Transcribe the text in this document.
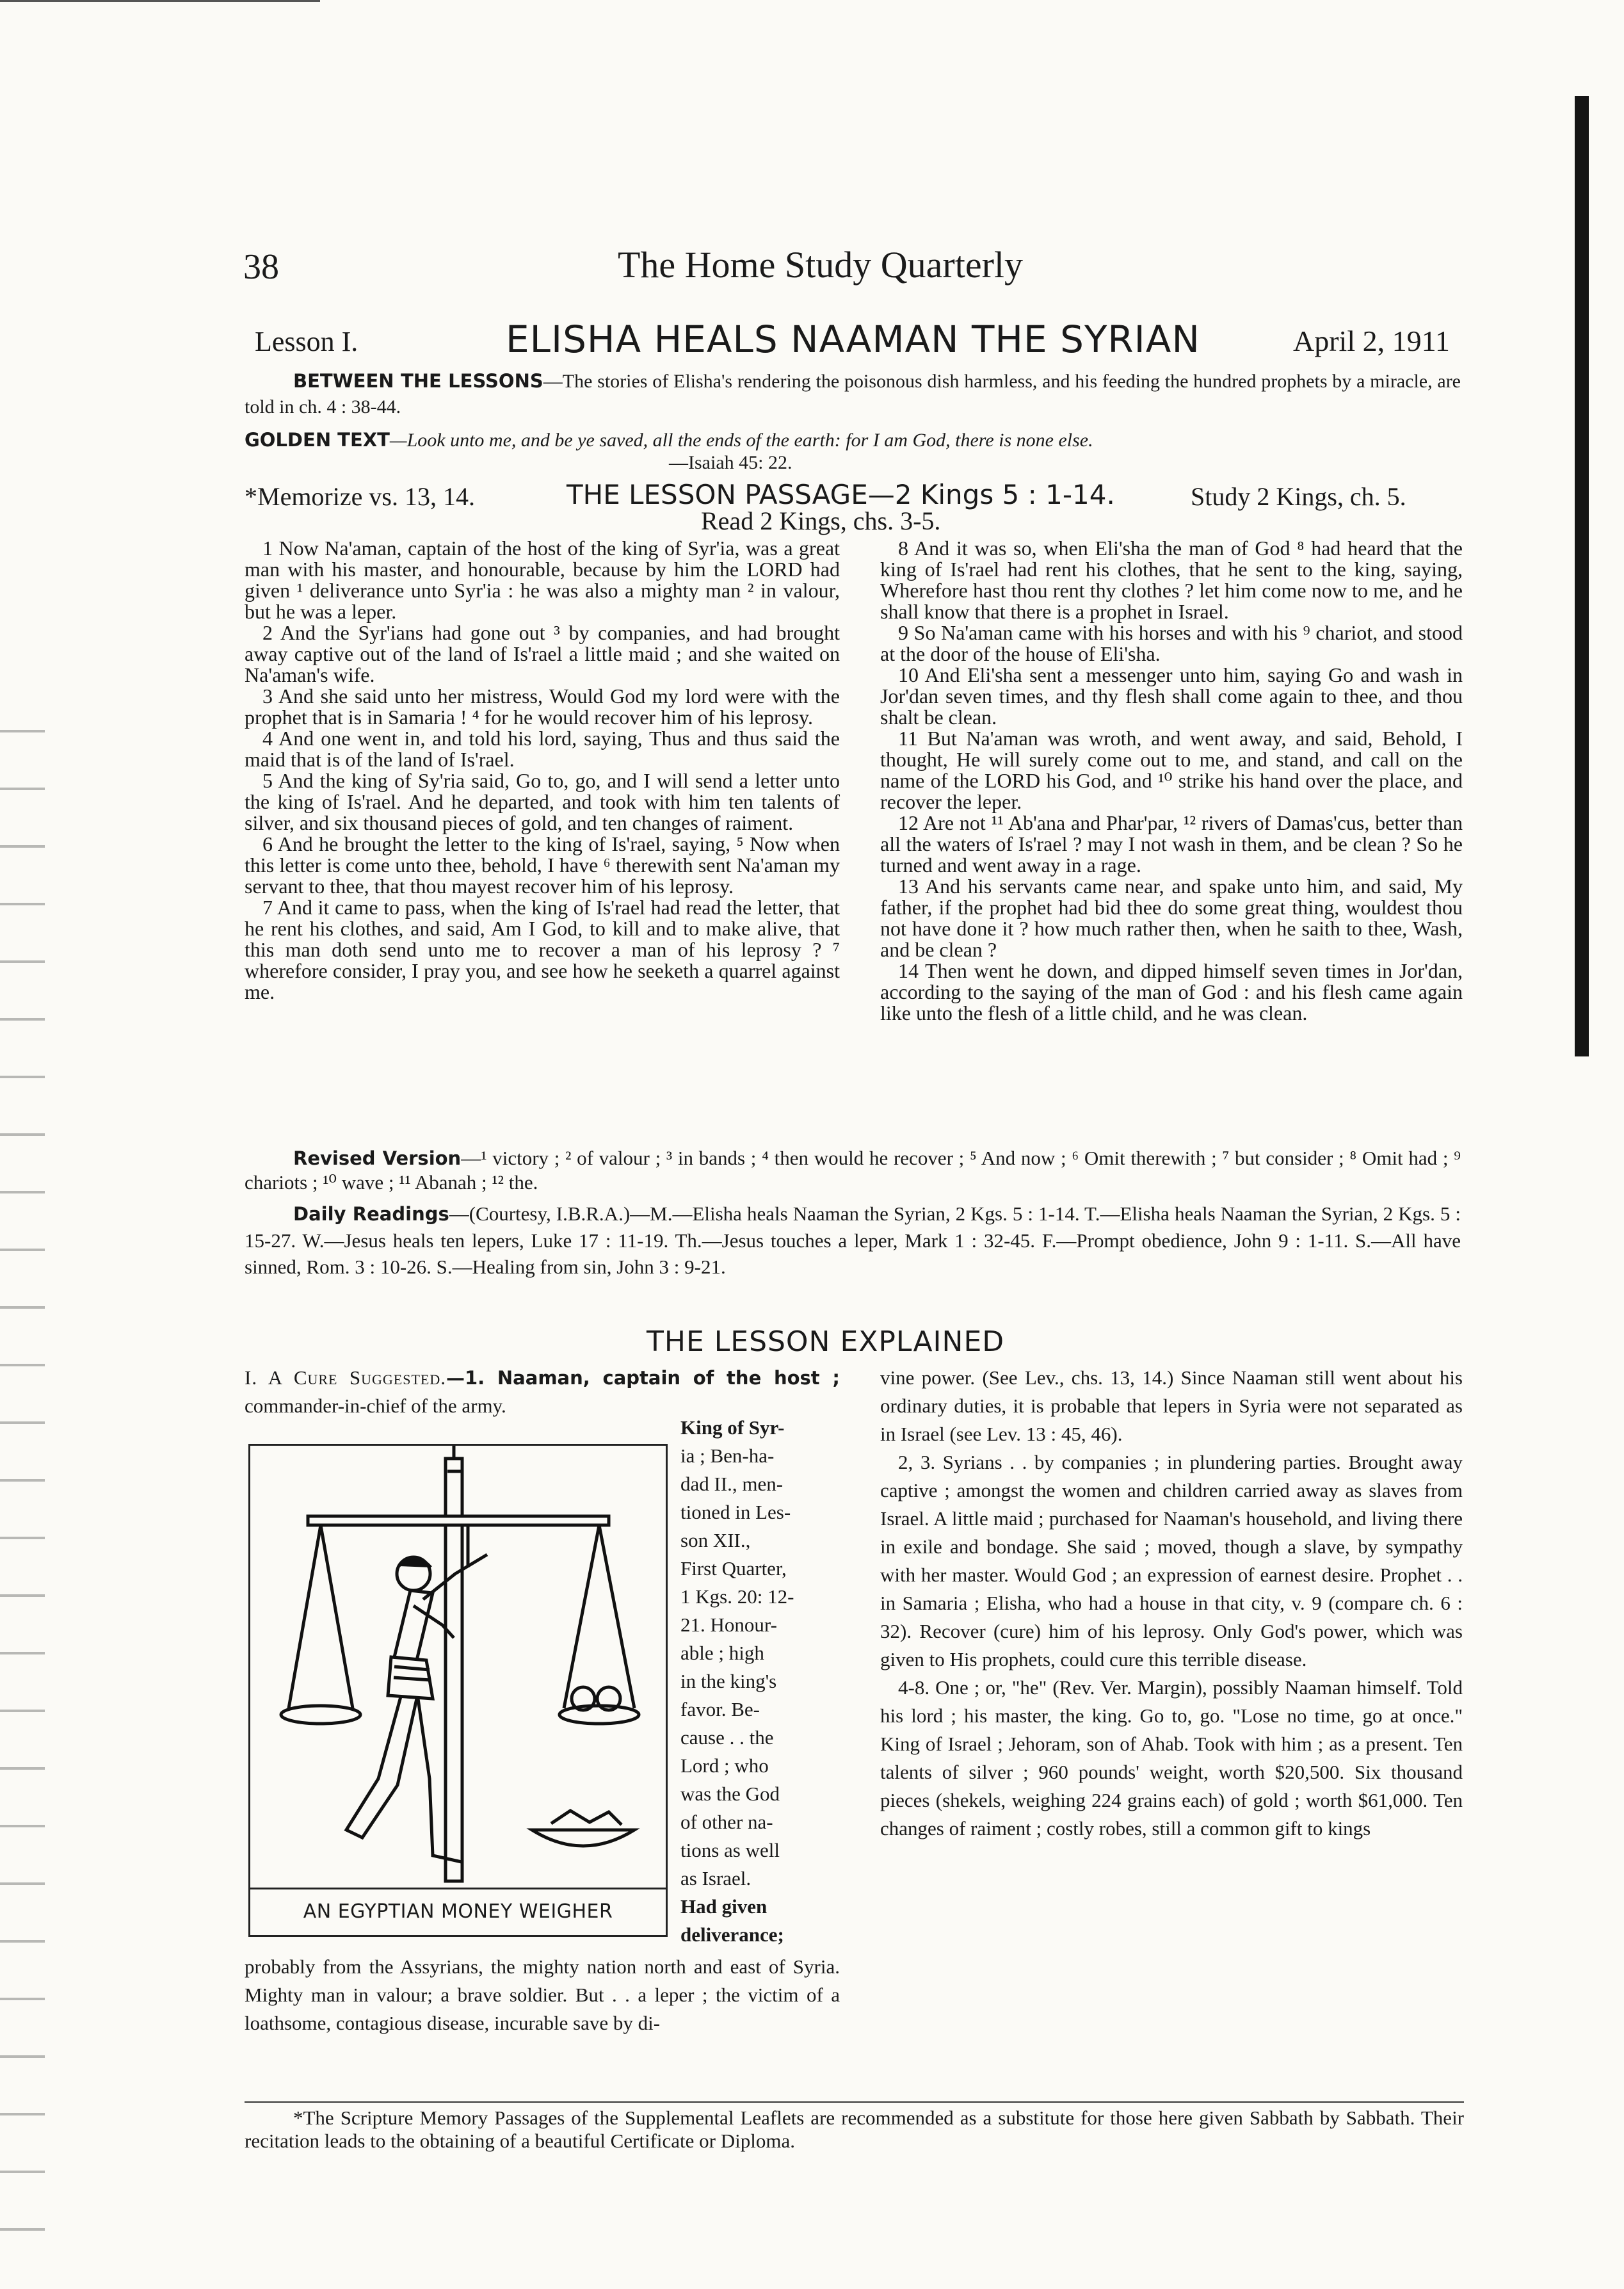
38	The Home Study Quarterly
Lesson I.	ELISHA HEALS NAAMAN THE SYRIAN	April 2, 1911
BETWEEN THE LESSONS—The stories of Elisha's rendering the poisonous dish harmless, and his feeding the hundred prophets by a miracle, are told in ch. 4 : 38-44.
GOLDEN TEXT—Look unto me, and be ye saved, all the ends of the earth: for I am God, there is none else.
—Isaiah 45: 22.
*Memorize vs. 13, 14.	THE LESSON PASSAGE—2 Kings 5 : 1-14.	Study 2 Kings, ch. 5.
Read 2 Kings, chs. 3-5.

1 Now Na'aman, captain of the host of the king of Syr'ia, was a great man with his master, and honourable, because by him the LORD had given ¹ deliverance unto Syr'ia : he was also a mighty man ² in valour, but he was a leper.

2 And the Syr'ians had gone out ³ by companies, and had brought away captive out of the land of Is'rael a little maid ; and she waited on Na'aman's wife.

3 And she said unto her mistress, Would God my lord were with the prophet that is in Samaria ! ⁴ for he would recover him of his leprosy.

4 And one went in, and told his lord, saying, Thus and thus said the maid that is of the land of Is'rael.

5 And the king of Sy'ria said, Go to, go, and I will send a letter unto the king of Is'rael. And he departed, and took with him ten talents of silver, and six thousand pieces of gold, and ten changes of raiment.

6 And he brought the letter to the king of Is'rael, saying, ⁵ Now when this letter is come unto thee, behold, I have ⁶ therewith sent Na'aman my servant to thee, that thou mayest recover him of his leprosy.

7 And it came to pass, when the king of Is'rael had read the letter, that he rent his clothes, and said, Am I God, to kill and to make alive, that this man doth send unto me to recover a man of his leprosy ? ⁷ wherefore consider, I pray you, and see how he seeketh a quarrel against me.

8 And it was so, when Eli'sha the man of God ⁸ had heard that the king of Is'rael had rent his clothes, that he sent to the king, saying, Wherefore hast thou rent thy clothes ? let him come now to me, and he shall know that there is a prophet in Israel.

9 So Na'aman came with his horses and with his ⁹ chariot, and stood at the door of the house of Eli'sha.

10 And Eli'sha sent a messenger unto him, saying Go and wash in Jor'dan seven times, and thy flesh shall come again to thee, and thou shalt be clean.

11 But Na'aman was wroth, and went away, and said, Behold, I thought, He will surely come out to me, and stand, and call on the name of the LORD his God, and ¹⁰ strike his hand over the place, and recover the leper.

12 Are not ¹¹ Ab'ana and Phar'par, ¹² rivers of Damas'cus, better than all the waters of Is'rael ? may I not wash in them, and be clean ? So he turned and went away in a rage.

13 And his servants came near, and spake unto him, and said, My father, if the prophet had bid thee do some great thing, wouldest thou not have done it ? how much rather then, when he saith to thee, Wash, and be clean ?

14 Then went he down, and dipped himself seven times in Jor'dan, according to the saying of the man of God : and his flesh came again like unto the flesh of a little child, and he was clean.

Revised Version—¹ victory ; ² of valour ; ³ in bands ; ⁴ then would he recover ; ⁵ And now ; ⁶ Omit therewith ; ⁷ but consider ; ⁸ Omit had ; ⁹ chariots ; ¹⁰ wave ; ¹¹ Abanah ; ¹² the.
Daily Readings—(Courtesy, I.B.R.A.)—M.—Elisha heals Naaman the Syrian, 2 Kgs. 5 : 1-14. T.—Elisha heals Naaman the Syrian, 2 Kgs. 5 : 15-27. W.—Jesus heals ten lepers, Luke 17 : 11-19. Th.—Jesus touches a leper, Mark 1 : 32-45. F.—Prompt obedience, John 9 : 1-11. S.—All have sinned, Rom. 3 : 10-26. S.—Healing from sin, John 3 : 9-21.
THE LESSON EXPLAINED

I. A Cure Suggested.—1. Naaman, captain of the host ; commander-in-chief of the army.

AN EGYPTIAN MONEY WEIGHER
King of Syr-
ia ; Ben-ha-
dad II., men-
tioned in Les-
son XII.,
First Quarter,
1 Kgs. 20: 12-
21. Honour-
able ; high
in the king's
favor. Be-
cause . . the
Lord ; who
was the God
of other na-
tions as well
as Israel.
Had given
deliverance;

probably from the Assyrians, the mighty nation north and east of Syria. Mighty man in valour; a brave soldier. But . . a leper ; the victim of a loathsome, contagious disease, incurable save by di-

vine power. (See Lev., chs. 13, 14.) Since Naaman still went about his ordinary duties, it is probable that lepers in Syria were not separated as in Israel (see Lev. 13 : 45, 46).

2, 3. Syrians . . by companies ; in plundering parties. Brought away captive ; amongst the women and children carried away as slaves from Israel. A little maid ; purchased for Naaman's household, and living there in exile and bondage. She said ; moved, though a slave, by sympathy with her master. Would God ; an expression of earnest desire. Prophet . . in Samaria ; Elisha, who had a house in that city, v. 9 (compare ch. 6 : 32). Recover (cure) him of his leprosy. Only God's power, which was given to His prophets, could cure this terrible disease.

4-8. One ; or, "he" (Rev. Ver. Margin), possibly Naaman himself. Told his lord ; his master, the king. Go to, go. "Lose no time, go at once." King of Israel ; Jehoram, son of Ahab. Took with him ; as a present. Ten talents of silver ; 960 pounds' weight, worth $20,500. Six thousand pieces (shekels, weighing 224 grains each) of gold ; worth $61,000. Ten changes of raiment ; costly robes, still a common gift to kings

*The Scripture Memory Passages of the Supplemental Leaflets are recommended as a substitute for those here given Sabbath by Sabbath. Their recitation leads to the obtaining of a beautiful Certificate or Diploma.
